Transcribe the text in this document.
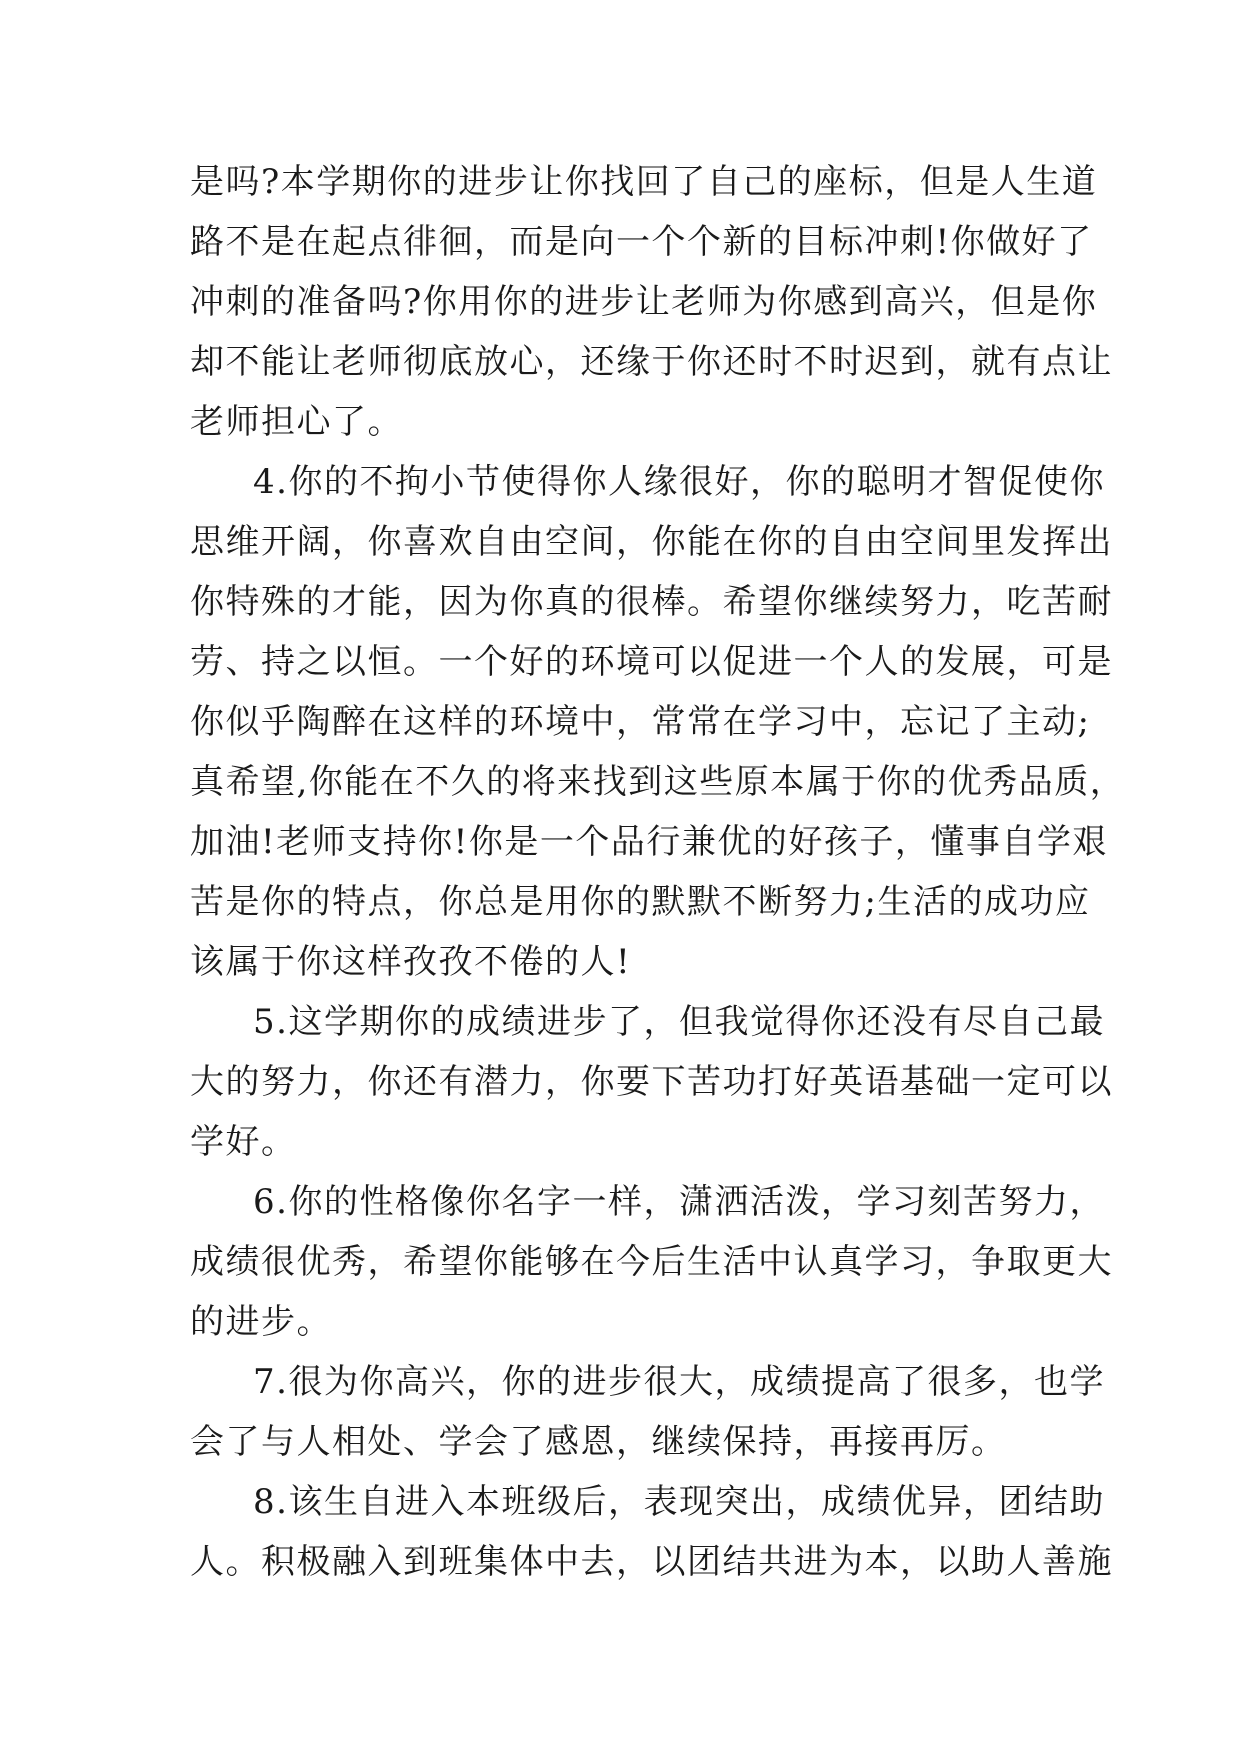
是吗?本学期你的进步让你找回了自己的座标，但是人生道
路不是在起点徘徊，而是向一个个新的目标冲刺!你做好了
冲刺的准备吗?你用你的进步让老师为你感到高兴，但是你
却不能让老师彻底放心，还缘于你还时不时迟到，就有点让
老师担心了。
4.你的不拘小节使得你人缘很好，你的聪明才智促使你
思维开阔，你喜欢自由空间，你能在你的自由空间里发挥出
你特殊的才能，因为你真的很棒。希望你继续努力，吃苦耐
劳、持之以恒。一个好的环境可以促进一个人的发展，可是
你似乎陶醉在这样的环境中，常常在学习中，忘记了主动;
真希望,你能在不久的将来找到这些原本属于你的优秀品质，
加油!老师支持你!你是一个品行兼优的好孩子，懂事自学艰
苦是你的特点，你总是用你的默默不断努力;生活的成功应
该属于你这样孜孜不倦的人!
5.这学期你的成绩进步了，但我觉得你还没有尽自己最
大的努力，你还有潜力，你要下苦功打好英语基础一定可以
学好。
6.你的性格像你名字一样，潇洒活泼，学习刻苦努力，
成绩很优秀，希望你能够在今后生活中认真学习，争取更大
的进步。
7.很为你高兴，你的进步很大，成绩提高了很多，也学
会了与人相处、学会了感恩，继续保持，再接再厉。
8.该生自进入本班级后，表现突出，成绩优异，团结助
人。积极融入到班集体中去，以团结共进为本，以助人善施
